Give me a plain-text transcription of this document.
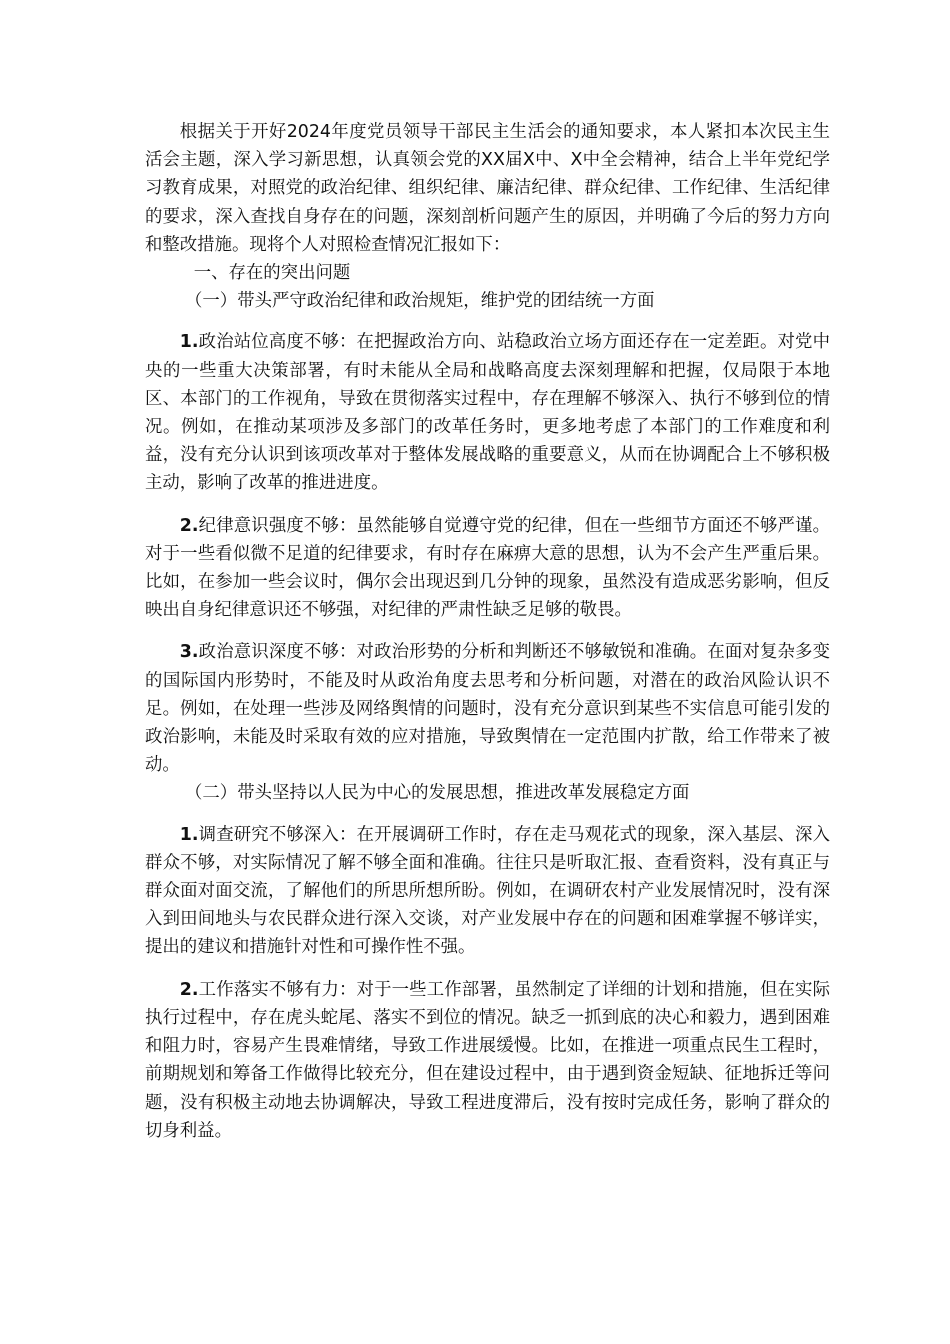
根据关于开好2024年度党员领导干部民主生活会的通知要求，本人紧扣本次民主生活会主题，深入学习新思想，认真领会党的XX届X中、X中全会精神，结合上半年党纪学习教育成果，对照党的政治纪律、组织纪律、廉洁纪律、群众纪律、工作纪律、生活纪律的要求，深入查找自身存在的问题，深刻剖析问题产生的原因，并明确了今后的努力方向和整改措施。现将个人对照检查情况汇报如下：

一、存在的突出问题

（一）带头严守政治纪律和政治规矩，维护党的团结统一方面

1.政治站位高度不够：在把握政治方向、站稳政治立场方面还存在一定差距。对党中央的一些重大决策部署，有时未能从全局和战略高度去深刻理解和把握，仅局限于本地区、本部门的工作视角，导致在贯彻落实过程中，存在理解不够深入、执行不够到位的情况。例如，在推动某项涉及多部门的改革任务时，更多地考虑了本部门的工作难度和利益，没有充分认识到该项改革对于整体发展战略的重要意义，从而在协调配合上不够积极主动，影响了改革的推进进度。

2.纪律意识强度不够：虽然能够自觉遵守党的纪律，但在一些细节方面还不够严谨。对于一些看似微不足道的纪律要求，有时存在麻痹大意的思想，认为不会产生严重后果。比如，在参加一些会议时，偶尔会出现迟到几分钟的现象，虽然没有造成恶劣影响，但反映出自身纪律意识还不够强，对纪律的严肃性缺乏足够的敬畏。

3.政治意识深度不够：对政治形势的分析和判断还不够敏锐和准确。在面对复杂多变的国际国内形势时，不能及时从政治角度去思考和分析问题，对潜在的政治风险认识不足。例如，在处理一些涉及网络舆情的问题时，没有充分意识到某些不实信息可能引发的政治影响，未能及时采取有效的应对措施，导致舆情在一定范围内扩散，给工作带来了被动。

（二）带头坚持以人民为中心的发展思想，推进改革发展稳定方面

1.调查研究不够深入：在开展调研工作时，存在走马观花式的现象，深入基层、深入群众不够，对实际情况了解不够全面和准确。往往只是听取汇报、查看资料，没有真正与群众面对面交流，了解他们的所思所想所盼。例如，在调研农村产业发展情况时，没有深入到田间地头与农民群众进行深入交谈，对产业发展中存在的问题和困难掌握不够详实，提出的建议和措施针对性和可操作性不强。

2.工作落实不够有力：对于一些工作部署，虽然制定了详细的计划和措施，但在实际执行过程中，存在虎头蛇尾、落实不到位的情况。缺乏一抓到底的决心和毅力，遇到困难和阻力时，容易产生畏难情绪，导致工作进展缓慢。比如，在推进一项重点民生工程时，前期规划和筹备工作做得比较充分，但在建设过程中，由于遇到资金短缺、征地拆迁等问题，没有积极主动地去协调解决，导致工程进度滞后，没有按时完成任务，影响了群众的切身利益。
